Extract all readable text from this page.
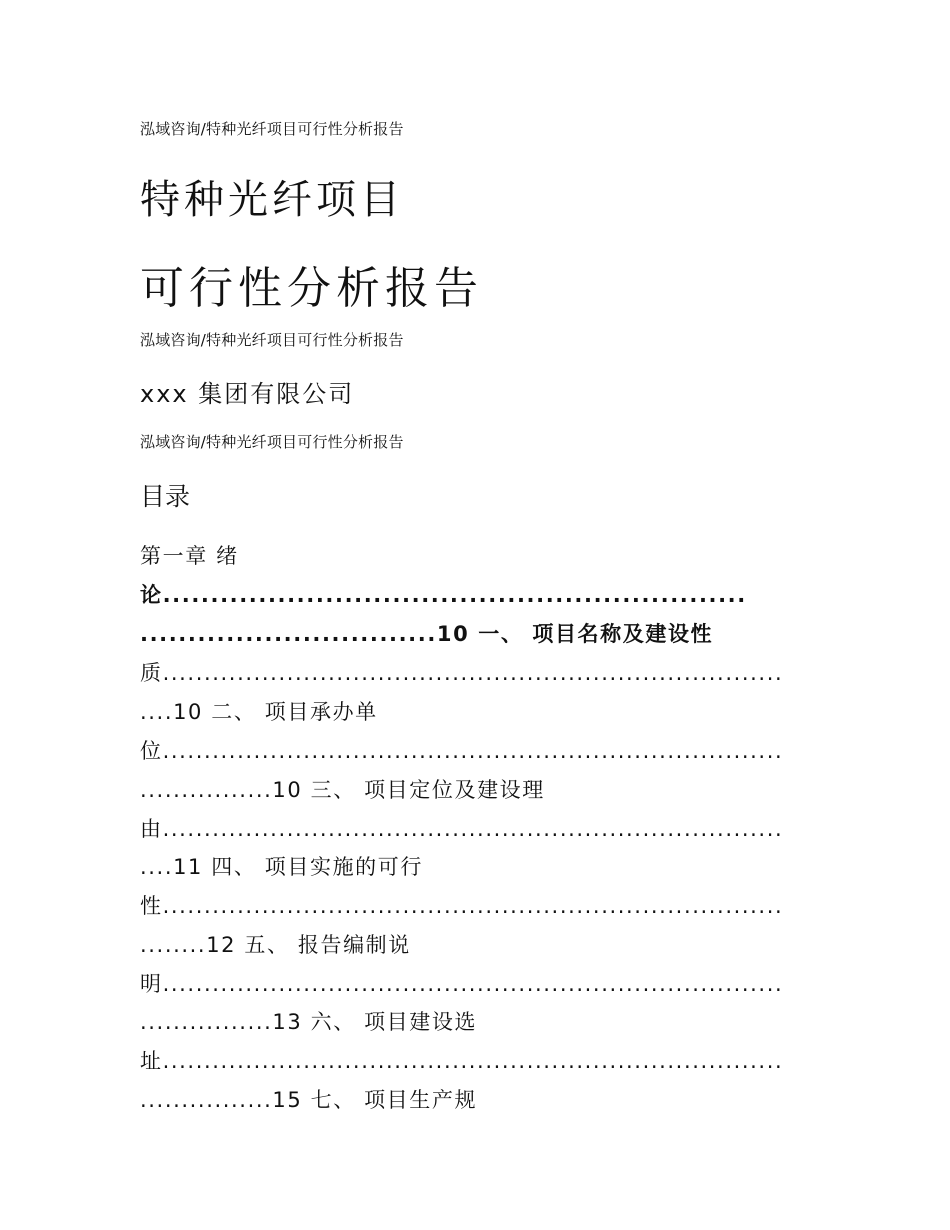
泓域咨询/特种光纤项目可行性分析报告
特种光纤项目
可行性分析报告
泓域咨询/特种光纤项目可行性分析报告
xxx 集团有限公司
泓域咨询/特种光纤项目可行性分析报告
目录
第一章 绪
论.............................................................
...............................10 一、 项目名称及建设性
质...........................................................................
....10 二、 项目承办单
位...........................................................................
................10 三、 项目定位及建设理
由...........................................................................
....11 四、 项目实施的可行
性...........................................................................
........12 五、 报告编制说
明...........................................................................
................13 六、 项目建设选
址...........................................................................
................15 七、 项目生产规
